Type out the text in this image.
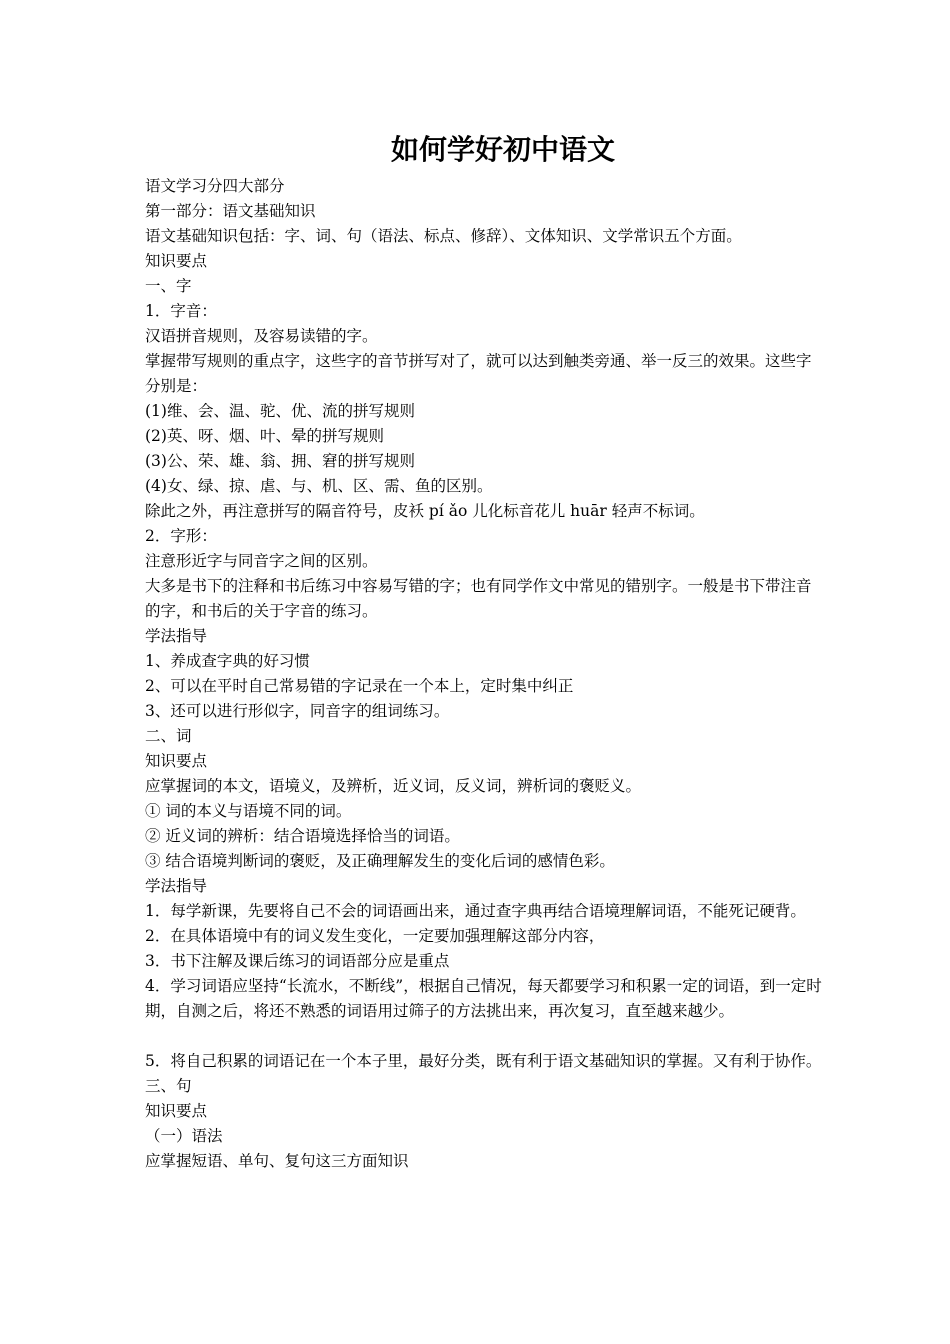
如何学好初中语文

语文学习分四大部分

第一部分：语文基础知识

语文基础知识包括：字、词、句（语法、标点、修辞）、文体知识、文学常识五个方面。

知识要点

一、字

1．字音：

汉语拼音规则，及容易读错的字。

掌握带写规则的重点字，这些字的音节拼写对了，就可以达到触类旁通、举一反三的效果。这些字分别是：

(1)维、会、温、驼、优、流的拼写规则

(2)英、呀、烟、叶、晕的拼写规则

(3)公、荣、雄、翁、拥、窘的拼写规则

(4)女、绿、掠、虐、与、机、区、需、鱼的区别。

除此之外，再注意拼写的隔音符号，皮袄 pí ǎo 儿化标音花儿 huār 轻声不标词。

2．字形：

注意形近字与同音字之间的区别。

大多是书下的注释和书后练习中容易写错的字；也有同学作文中常见的错别字。一般是书下带注音的字，和书后的关于字音的练习。

学法指导

1、养成查字典的好习惯

2、可以在平时自己常易错的字记录在一个本上，定时集中纠正

3、还可以进行形似字，同音字的组词练习。

二、词

知识要点

应掌握词的本文，语境义，及辨析，近义词，反义词，辨析词的褒贬义。

① 词的本义与语境不同的词。

② 近义词的辨析：结合语境选择恰当的词语。

③ 结合语境判断词的褒贬，及正确理解发生的变化后词的感情色彩。

学法指导

1．每学新课，先要将自己不会的词语画出来，通过查字典再结合语境理解词语，不能死记硬背。

2．在具体语境中有的词义发生变化，一定要加强理解这部分内容，

3．书下注解及课后练习的词语部分应是重点

4．学习词语应坚持“长流水，不断线”，根据自己情况，每天都要学习和积累一定的词语，到一定时期，自测之后，将还不熟悉的词语用过筛子的方法挑出来，再次复习，直至越来越少。

5．将自己积累的词语记在一个本子里，最好分类，既有利于语文基础知识的掌握。又有利于协作。

三、句

知识要点

（一）语法

应掌握短语、单句、复句这三方面知识
